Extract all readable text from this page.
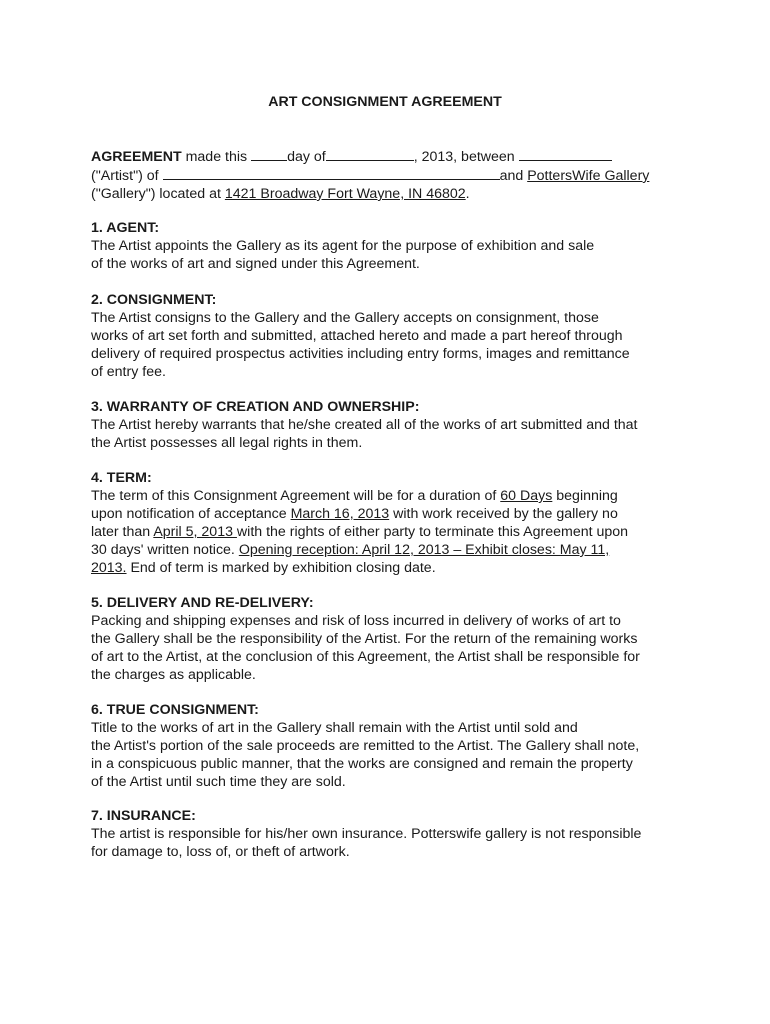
ART CONSIGNMENT AGREEMENT
AGREEMENT made this	day of	, 2013, between
("Artist") of	and PottersWife Gallery
("Gallery") located at 1421 Broadway Fort Wayne, IN 46802.
1. AGENT:
The Artist appoints the Gallery as its agent for the purpose of exhibition and sale
of the works of art and signed under this Agreement.
2. CONSIGNMENT:
The Artist consigns to the Gallery and the Gallery accepts on consignment, those
works of art set forth and submitted, attached hereto and made a part hereof through
delivery of required prospectus activities including entry forms, images and remittance
of entry fee.
3. WARRANTY OF CREATION AND OWNERSHIP:
The Artist hereby warrants that he/she created all of the works of art submitted and that
the Artist possesses all legal rights in them.
4. TERM:
The term of this Consignment Agreement will be for a duration of 60 Days beginning
upon notification of acceptance March 16, 2013 with work received by the gallery no
later than April 5, 2013 with the rights of either party to terminate this Agreement upon
30 days' written notice. Opening reception: April 12, 2013 – Exhibit closes: May 11,
2013. End of term is marked by exhibition closing date.
5. DELIVERY AND RE-DELIVERY:
Packing and shipping expenses and risk of loss incurred in delivery of works of art to
the Gallery shall be the responsibility of the Artist. For the return of the remaining works
of art to the Artist, at the conclusion of this Agreement, the Artist shall be responsible for
the charges as applicable.
6. TRUE CONSIGNMENT:
Title to the works of art in the Gallery shall remain with the Artist until sold and
the Artist's portion of the sale proceeds are remitted to the Artist. The Gallery shall note,
in a conspicuous public manner, that the works are consigned and remain the property
of the Artist until such time they are sold.
7. INSURANCE:
The artist is responsible for his/her own insurance. Potterswife gallery is not responsible
for damage to, loss of, or theft of artwork.
